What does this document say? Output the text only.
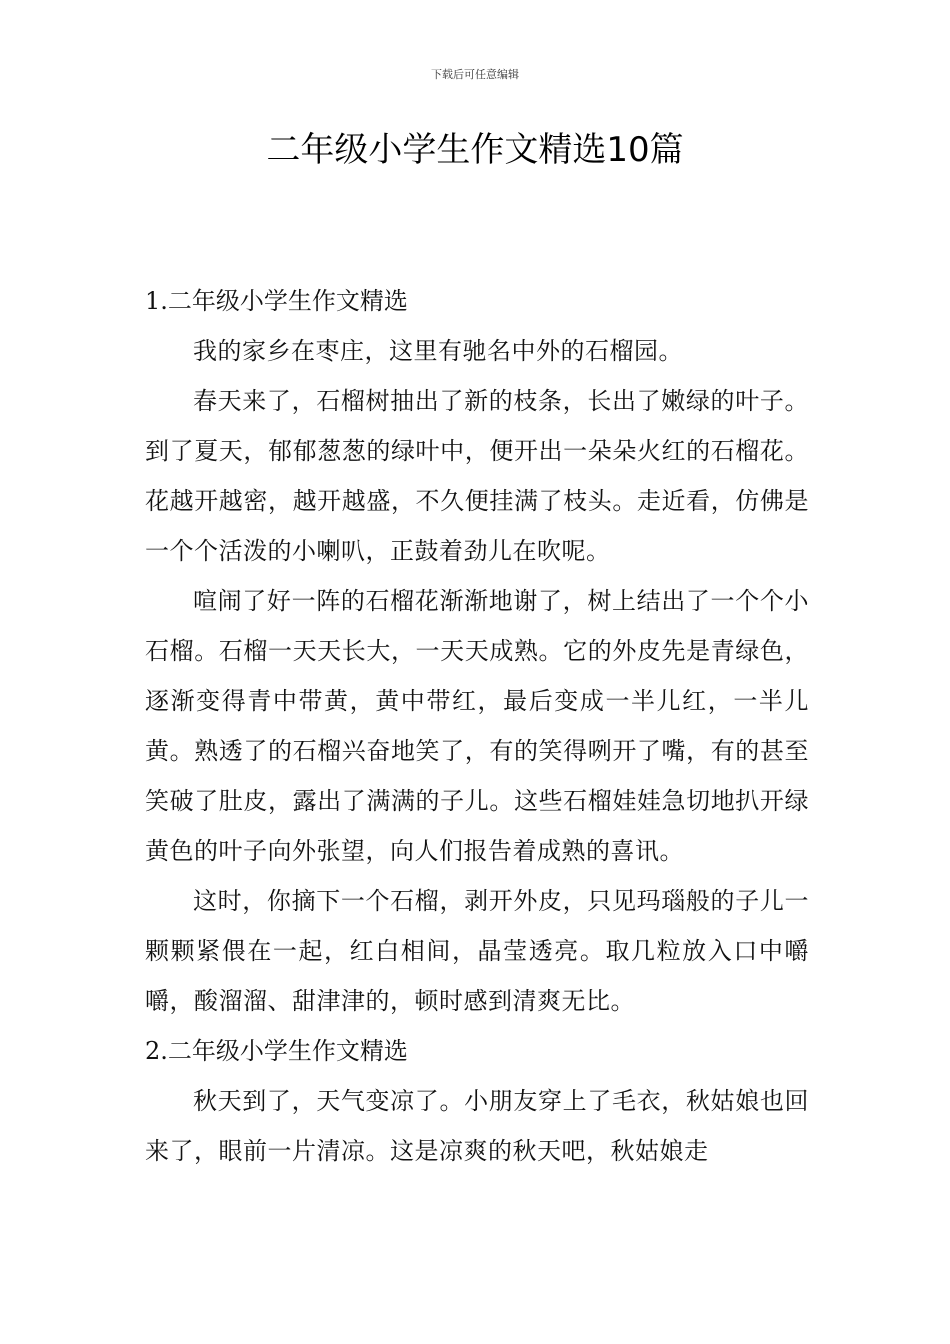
下载后可任意编辑
二年级小学生作文精选10篇

1.二年级小学生作文精选

我的家乡在枣庄，这里有驰名中外的石榴园。

春天来了，石榴树抽出了新的枝条，长出了嫩绿的叶子。到了夏天，郁郁葱葱的绿叶中，便开出一朵朵火红的石榴花。花越开越密，越开越盛，不久便挂满了枝头。走近看，仿佛是一个个活泼的小喇叭，正鼓着劲儿在吹呢。

喧闹了好一阵的石榴花渐渐地谢了，树上结出了一个个小石榴。石榴一天天长大，一天天成熟。它的外皮先是青绿色，逐渐变得青中带黄，黄中带红，最后变成一半儿红，一半儿黄。熟透了的石榴兴奋地笑了，有的笑得咧开了嘴，有的甚至笑破了肚皮，露出了满满的子儿。这些石榴娃娃急切地扒开绿黄色的叶子向外张望，向人们报告着成熟的喜讯。

这时，你摘下一个石榴，剥开外皮，只见玛瑙般的子儿一颗颗紧偎在一起，红白相间，晶莹透亮。取几粒放入口中嚼嚼，酸溜溜、甜津津的，顿时感到清爽无比。

2.二年级小学生作文精选

秋天到了，天气变凉了。小朋友穿上了毛衣，秋姑娘也回来了，眼前一片清凉。这是凉爽的秋天吧，秋姑娘走
